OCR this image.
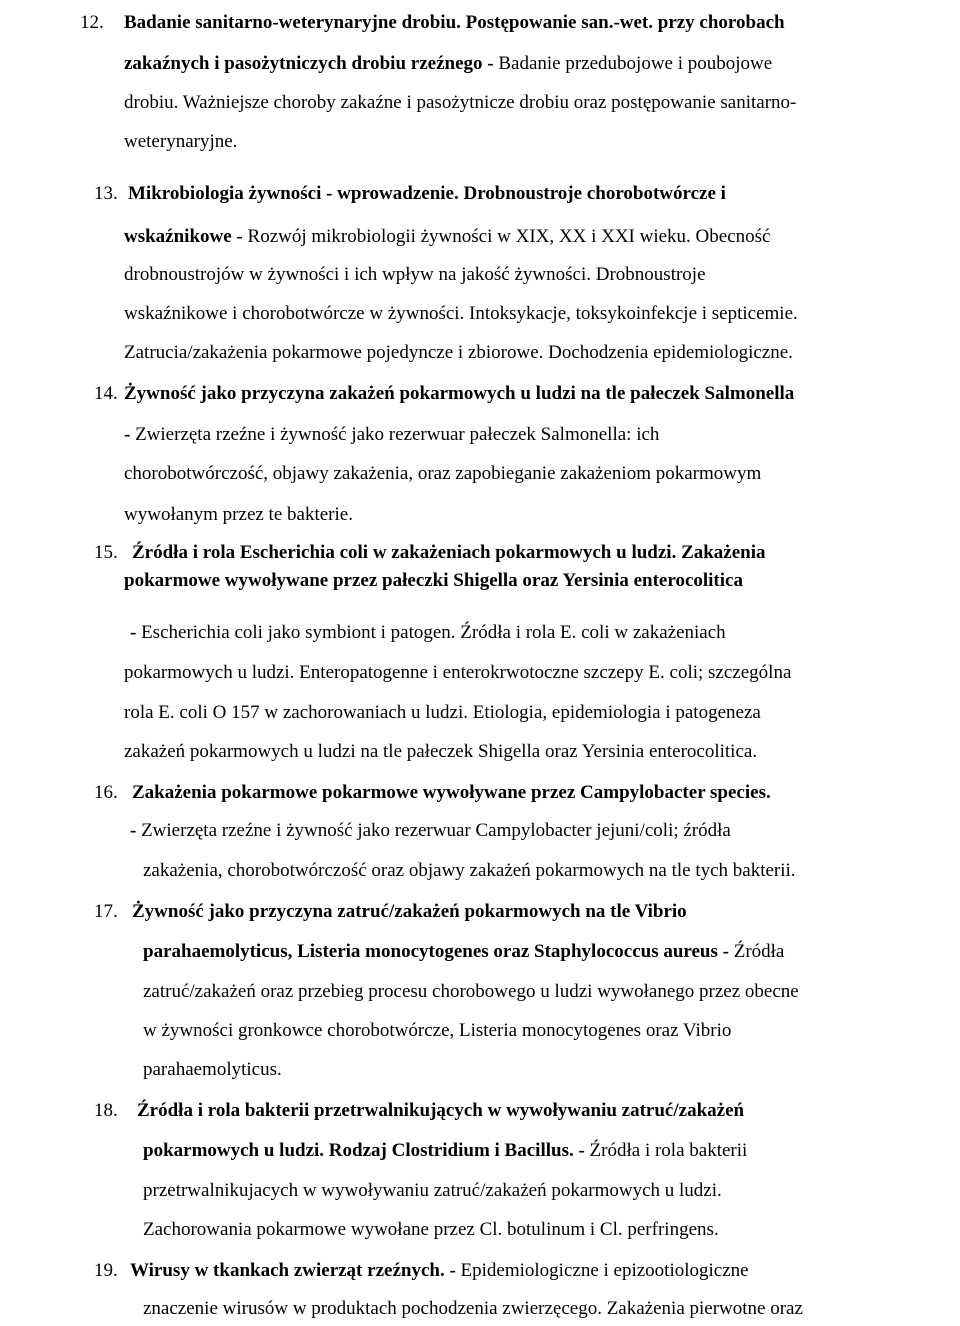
12. Badanie sanitarno-weterynaryjne drobiu. Postępowanie san.-wet. przy chorobach
zakaźnych i pasożytniczych drobiu rzeźnego - Badanie przedubojowe i poubojowe
drobiu. Ważniejsze choroby zakaźne i pasożytnicze drobiu oraz postępowanie sanitarno-
weterynaryjne.
13. Mikrobiologia żywności - wprowadzenie. Drobnoustroje chorobotwórcze i
wskaźnikowe - Rozwój mikrobiologii żywności w XIX, XX i XXI wieku. Obecność
drobnoustrojów w żywności i ich wpływ na jakość żywności. Drobnoustroje
wskaźnikowe i chorobotwórcze w żywności. Intoksykacje, toksykoinfekcje i septicemie.
Zatrucia/zakażenia pokarmowe pojedyncze i zbiorowe. Dochodzenia epidemiologiczne.
14. Żywność jako przyczyna zakażeń pokarmowych u ludzi na tle pałeczek Salmonella
- Zwierzęta rzeźne i żywność jako rezerwuar pałeczek Salmonella: ich
chorobotwórczość, objawy zakażenia, oraz zapobieganie zakażeniom pokarmowym
wywołanym przez te bakterie.
15. Źródła i rola Escherichia coli w zakażeniach pokarmowych u ludzi. Zakażenia
pokarmowe wywoływane przez pałeczki Shigella oraz Yersinia enterocolitica
- Escherichia coli jako symbiont i patogen. Źródła i rola E. coli w zakażeniach
pokarmowych u ludzi. Enteropatogenne i enterokrwotoczne szczepy E. coli; szczególna
rola E. coli O 157 w zachorowaniach u ludzi. Etiologia, epidemiologia i patogeneza
zakażeń pokarmowych u ludzi na tle pałeczek Shigella oraz Yersinia enterocolitica.
16. Zakażenia pokarmowe pokarmowe wywoływane przez Campylobacter species.
- Zwierzęta rzeźne i żywność jako rezerwuar Campylobacter jejuni/coli; źródła
zakażenia, chorobotwórczość oraz objawy zakażeń pokarmowych na tle tych bakterii.
17. Żywność jako przyczyna zatruć/zakażeń pokarmowych na tle Vibrio
parahaemolyticus, Listeria monocytogenes oraz Staphylococcus aureus - Źródła
zatruć/zakażeń oraz przebieg procesu chorobowego u ludzi wywołanego przez obecne
w żywności gronkowce chorobotwórcze, Listeria monocytogenes oraz Vibrio
parahaemolyticus.
18. Źródła i rola bakterii przetrwalnikujących w wywoływaniu zatruć/zakażeń
pokarmowych u ludzi. Rodzaj Clostridium i Bacillus. - Źródła i rola bakterii
przetrwalnikujacych w wywoływaniu zatruć/zakażeń pokarmowych u ludzi.
Zachorowania pokarmowe wywołane przez Cl. botulinum i Cl. perfringens.
19. Wirusy w tkankach zwierząt rzeźnych. - Epidemiologiczne i epizootiologiczne
znaczenie wirusów w produktach pochodzenia zwierzęcego. Zakażenia pierwotne oraz
